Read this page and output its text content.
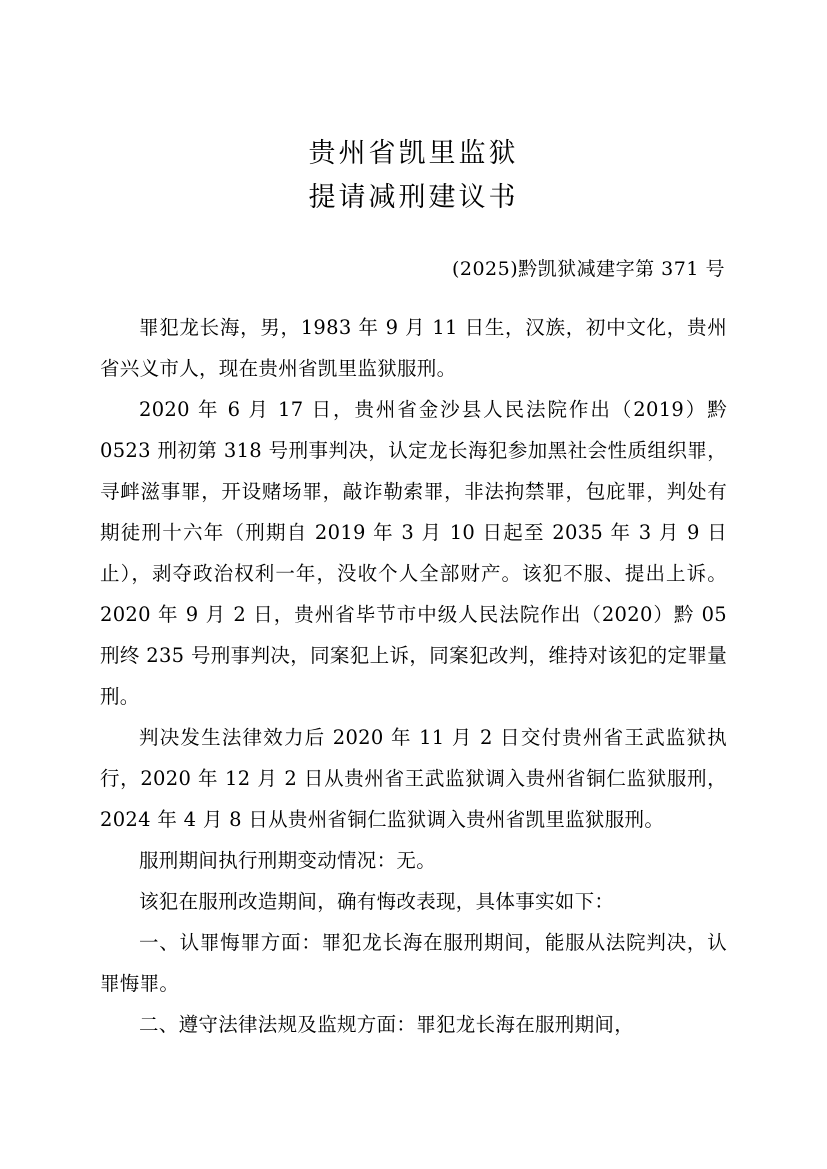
贵州省凯里监狱
提请减刑建议书
(2025)黔凯狱减建字第 371 号

罪犯龙长海，男，1983 年 9 月 11 日生，汉族，初中文化，贵州省兴义市人，现在贵州省凯里监狱服刑。

2020 年 6 月 17 日，贵州省金沙县人民法院作出（2019）黔 0523 刑初第 318 号刑事判决，认定龙长海犯参加黑社会性质组织罪，寻衅滋事罪，开设赌场罪，敲诈勒索罪，非法拘禁罪，包庇罪，判处有期徒刑十六年（刑期自 2019 年 3 月 10 日起至 2035 年 3 月 9 日止），剥夺政治权利一年，没收个人全部财产。该犯不服、提出上诉。2020 年 9 月 2 日，贵州省毕节市中级人民法院作出（2020）黔 05 刑终 235 号刑事判决，同案犯上诉，同案犯改判，维持对该犯的定罪量刑。

判决发生法律效力后 2020 年 11 月 2 日交付贵州省王武监狱执行，2020 年 12 月 2 日从贵州省王武监狱调入贵州省铜仁监狱服刑，2024 年 4 月 8 日从贵州省铜仁监狱调入贵州省凯里监狱服刑。

服刑期间执行刑期变动情况：无。

该犯在服刑改造期间，确有悔改表现，具体事实如下：

一、认罪悔罪方面：罪犯龙长海在服刑期间，能服从法院判决，认罪悔罪。

二、遵守法律法规及监规方面：罪犯龙长海在服刑期间，
